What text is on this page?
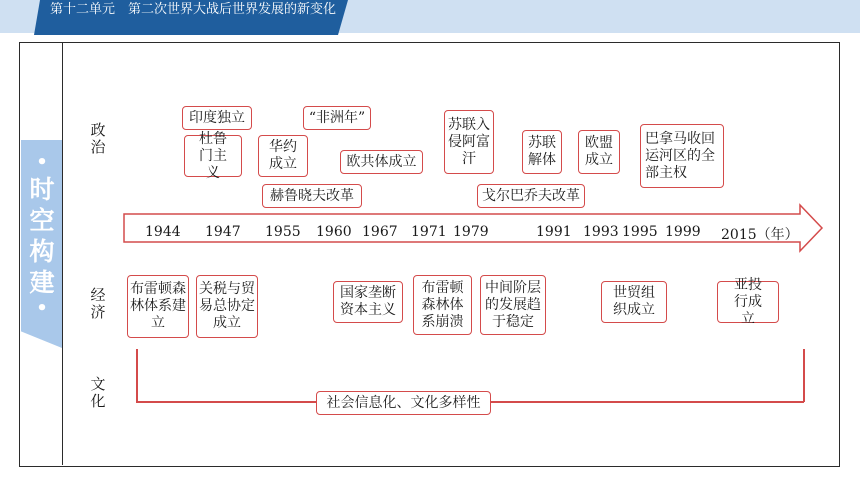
第十二单元　第二次世界大战后世界发展的新变化
•
时
空
构
建
•
政治
经济
文化
1944 1947 1955 1960 1967 1971 1979	1991 1993 1995 1999 2015（年）
印度独立
杜鲁门主义
华约成立
“非洲年”
欧共体成立
赫鲁晓夫改革
苏联入侵阿富汗
戈尔巴乔夫改革
苏联解体
欧盟成立
巴拿马收回运河区的全部主权
布雷顿森林体系建立
关税与贸易总协定成立
国家垄断资本主义
布雷顿森林体系崩溃
中间阶层的发展趋于稳定
世贸组织成立
亚投行成立
社会信息化、文化多样性
